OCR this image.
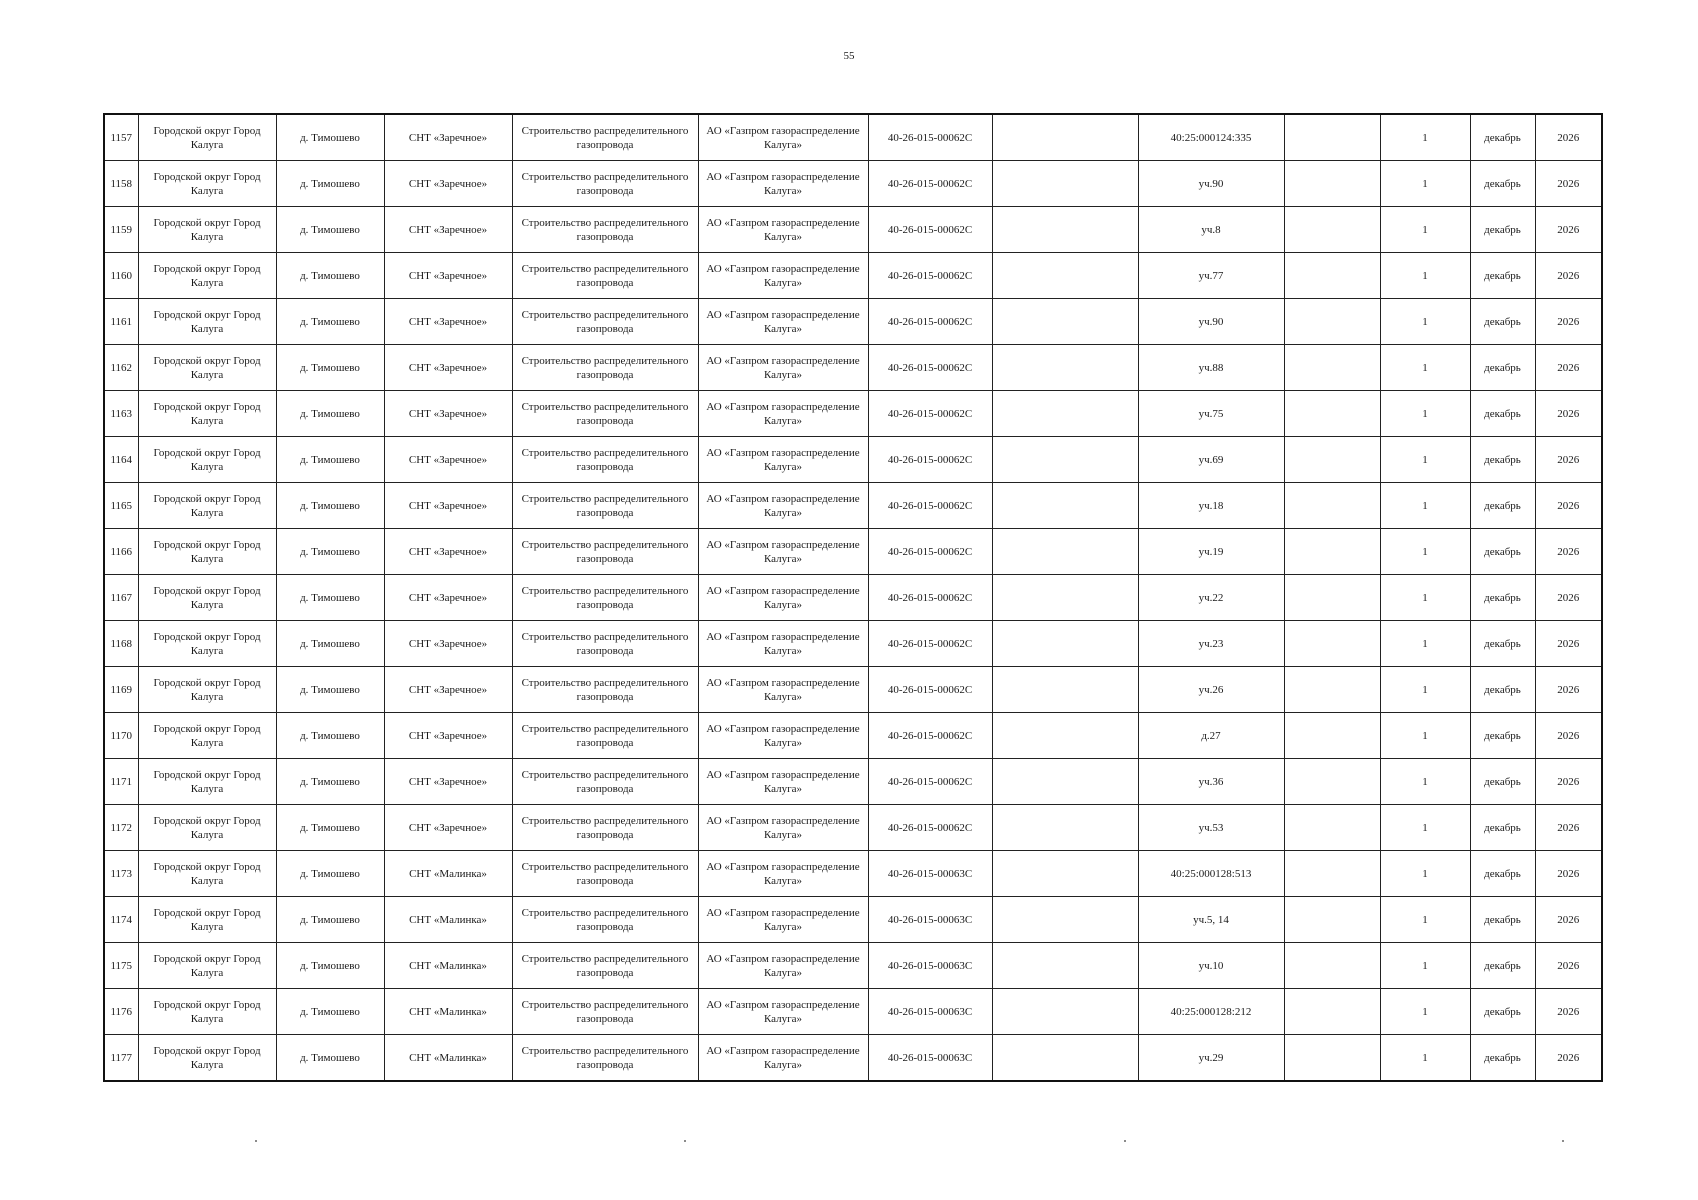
55
1157	Городской округ Город Калуга	д. Тимошево	СНТ «Заречное»	Строительство распределительного газопровода	АО «Газпром газораспределение Калуга»	40-26-015-00062С		40:25:000124:335		1	декабрь	2026
1158	Городской округ Город Калуга	д. Тимошево	СНТ «Заречное»	Строительство распределительного газопровода	АО «Газпром газораспределение Калуга»	40-26-015-00062С		уч.90		1	декабрь	2026
1159	Городской округ Город Калуга	д. Тимошево	СНТ «Заречное»	Строительство распределительного газопровода	АО «Газпром газораспределение Калуга»	40-26-015-00062С		уч.8		1	декабрь	2026
1160	Городской округ Город Калуга	д. Тимошево	СНТ «Заречное»	Строительство распределительного газопровода	АО «Газпром газораспределение Калуга»	40-26-015-00062С		уч.77		1	декабрь	2026
1161	Городской округ Город Калуга	д. Тимошево	СНТ «Заречное»	Строительство распределительного газопровода	АО «Газпром газораспределение Калуга»	40-26-015-00062С		уч.90		1	декабрь	2026
1162	Городской округ Город Калуга	д. Тимошево	СНТ «Заречное»	Строительство распределительного газопровода	АО «Газпром газораспределение Калуга»	40-26-015-00062С		уч.88		1	декабрь	2026
1163	Городской округ Город Калуга	д. Тимошево	СНТ «Заречное»	Строительство распределительного газопровода	АО «Газпром газораспределение Калуга»	40-26-015-00062С		уч.75		1	декабрь	2026
1164	Городской округ Город Калуга	д. Тимошево	СНТ «Заречное»	Строительство распределительного газопровода	АО «Газпром газораспределение Калуга»	40-26-015-00062С		уч.69		1	декабрь	2026
1165	Городской округ Город Калуга	д. Тимошево	СНТ «Заречное»	Строительство распределительного газопровода	АО «Газпром газораспределение Калуга»	40-26-015-00062С		уч.18		1	декабрь	2026
1166	Городской округ Город Калуга	д. Тимошево	СНТ «Заречное»	Строительство распределительного газопровода	АО «Газпром газораспределение Калуга»	40-26-015-00062С		уч.19		1	декабрь	2026
1167	Городской округ Город Калуга	д. Тимошево	СНТ «Заречное»	Строительство распределительного газопровода	АО «Газпром газораспределение Калуга»	40-26-015-00062С		уч.22		1	декабрь	2026
1168	Городской округ Город Калуга	д. Тимошево	СНТ «Заречное»	Строительство распределительного газопровода	АО «Газпром газораспределение Калуга»	40-26-015-00062С		уч.23		1	декабрь	2026
1169	Городской округ Город Калуга	д. Тимошево	СНТ «Заречное»	Строительство распределительного газопровода	АО «Газпром газораспределение Калуга»	40-26-015-00062С		уч.26		1	декабрь	2026
1170	Городской округ Город Калуга	д. Тимошево	СНТ «Заречное»	Строительство распределительного газопровода	АО «Газпром газораспределение Калуга»	40-26-015-00062С		д.27		1	декабрь	2026
1171	Городской округ Город Калуга	д. Тимошево	СНТ «Заречное»	Строительство распределительного газопровода	АО «Газпром газораспределение Калуга»	40-26-015-00062С		уч.36		1	декабрь	2026
1172	Городской округ Город Калуга	д. Тимошево	СНТ «Заречное»	Строительство распределительного газопровода	АО «Газпром газораспределение Калуга»	40-26-015-00062С		уч.53		1	декабрь	2026
1173	Городской округ Город Калуга	д. Тимошево	СНТ «Малинка»	Строительство распределительного газопровода	АО «Газпром газораспределение Калуга»	40-26-015-00063С		40:25:000128:513		1	декабрь	2026
1174	Городской округ Город Калуга	д. Тимошево	СНТ «Малинка»	Строительство распределительного газопровода	АО «Газпром газораспределение Калуга»	40-26-015-00063С		уч.5, 14		1	декабрь	2026
1175	Городской округ Город Калуга	д. Тимошево	СНТ «Малинка»	Строительство распределительного газопровода	АО «Газпром газораспределение Калуга»	40-26-015-00063С		уч.10		1	декабрь	2026
1176	Городской округ Город Калуга	д. Тимошево	СНТ «Малинка»	Строительство распределительного газопровода	АО «Газпром газораспределение Калуга»	40-26-015-00063С		40:25:000128:212		1	декабрь	2026
1177	Городской округ Город Калуга	д. Тимошево	СНТ «Малинка»	Строительство распределительного газопровода	АО «Газпром газораспределение Калуга»	40-26-015-00063С		уч.29		1	декабрь	2026
